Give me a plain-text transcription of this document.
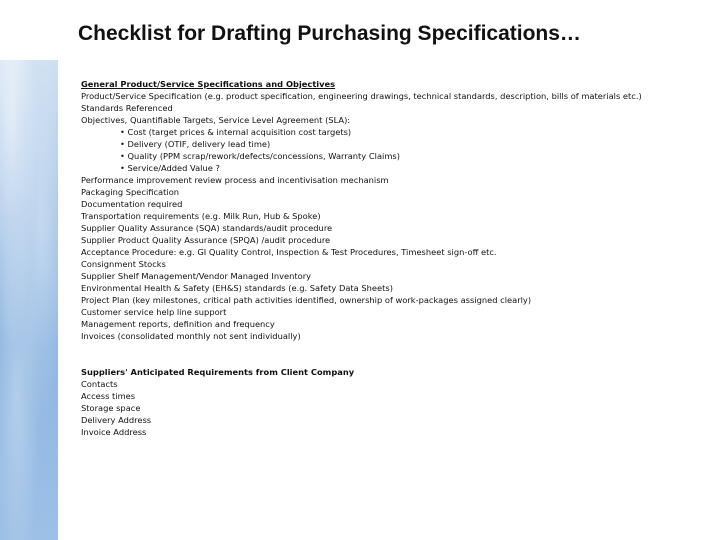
Checklist for Drafting Purchasing Specifications…
General Product/Service Specifications and Objectives
Product/Service Specification (e.g. product specification, engineering drawings, technical standards, description, bills of materials etc.)
Standards Referenced
Objectives, Quantifiable Targets, Service Level Agreement (SLA):
• Cost (target prices & internal acquisition cost targets)
• Delivery (OTIF, delivery lead time)
• Quality (PPM scrap/rework/defects/concessions, Warranty Claims)
• Service/Added Value ?
Performance improvement review process and incentivisation mechanism
Packaging Specification
Documentation required
Transportation requirements (e.g. Milk Run, Hub & Spoke)
Supplier Quality Assurance (SQA) standards/audit procedure
Supplier Product Quality Assurance (SPQA) /audit procedure
Acceptance Procedure: e.g. GI Quality Control, Inspection & Test Procedures, Timesheet sign-off etc.
Consignment Stocks
Supplier Shelf Management/Vendor Managed Inventory
Environmental Health & Safety (EH&S) standards (e.g. Safety Data Sheets)
Project Plan (key milestones, critical path activities identified, ownership of work-packages assigned clearly)
Customer service help line support
Management reports, definition and frequency
Invoices (consolidated monthly not sent individually)
Suppliers' Anticipated Requirements from Client Company
Contacts
Access times
Storage space
Delivery Address
Invoice Address
